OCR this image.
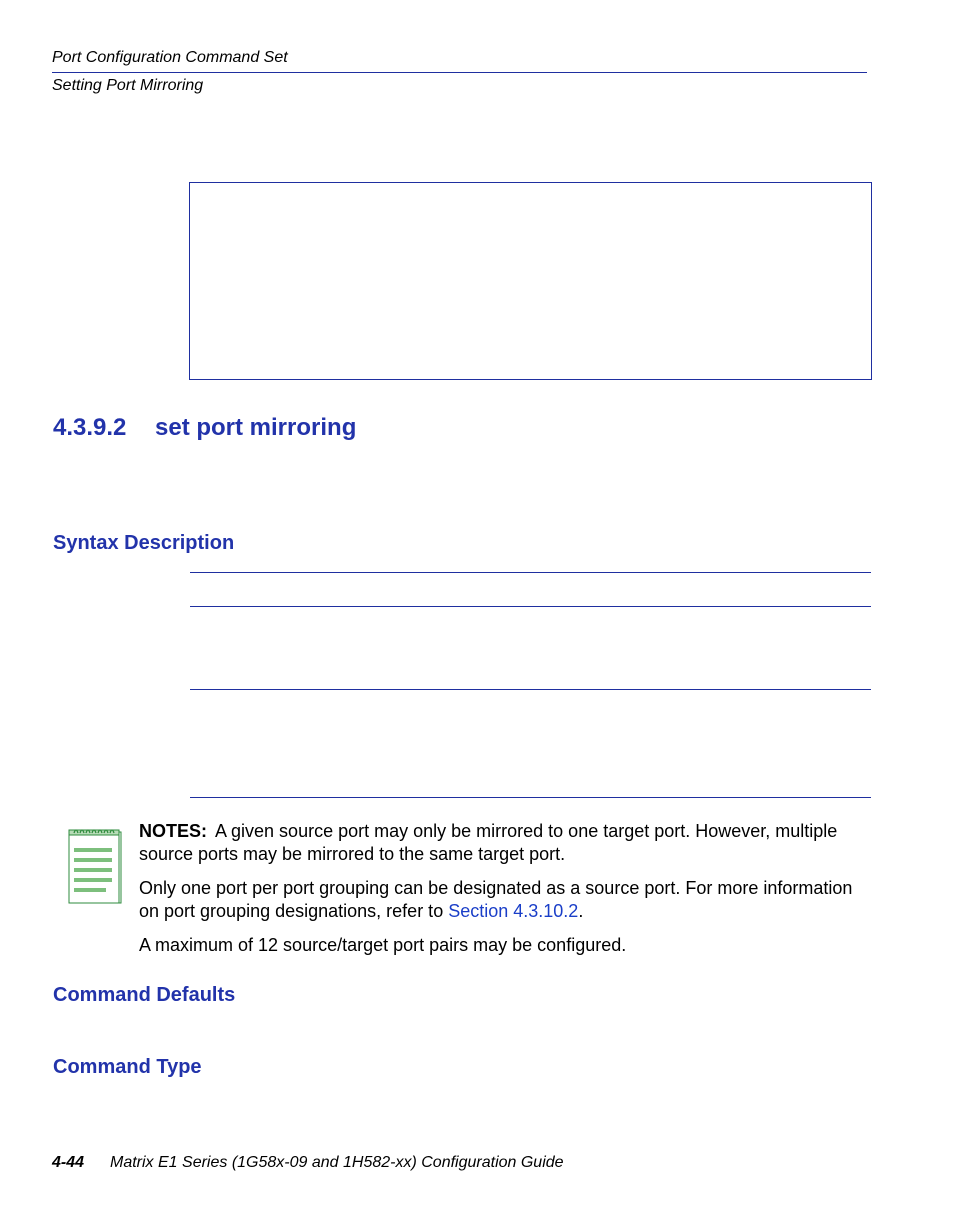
Port Configuration Command Set
Setting Port Mirroring
4.3.9.2 set port mirroring
Syntax Description

NOTES: A given source port may only be mirrored to one target port. However, multiple source ports may be mirrored to the same target port.

Only one port per port grouping can be designated as a source port. For more information on port grouping designations, refer to Section 4.3.10.2.

A maximum of 12 source/target port pairs may be configured.

Command Defaults
Command Type
4-44 Matrix E1 Series (1G58x-09 and 1H582-xx) Configuration Guide
